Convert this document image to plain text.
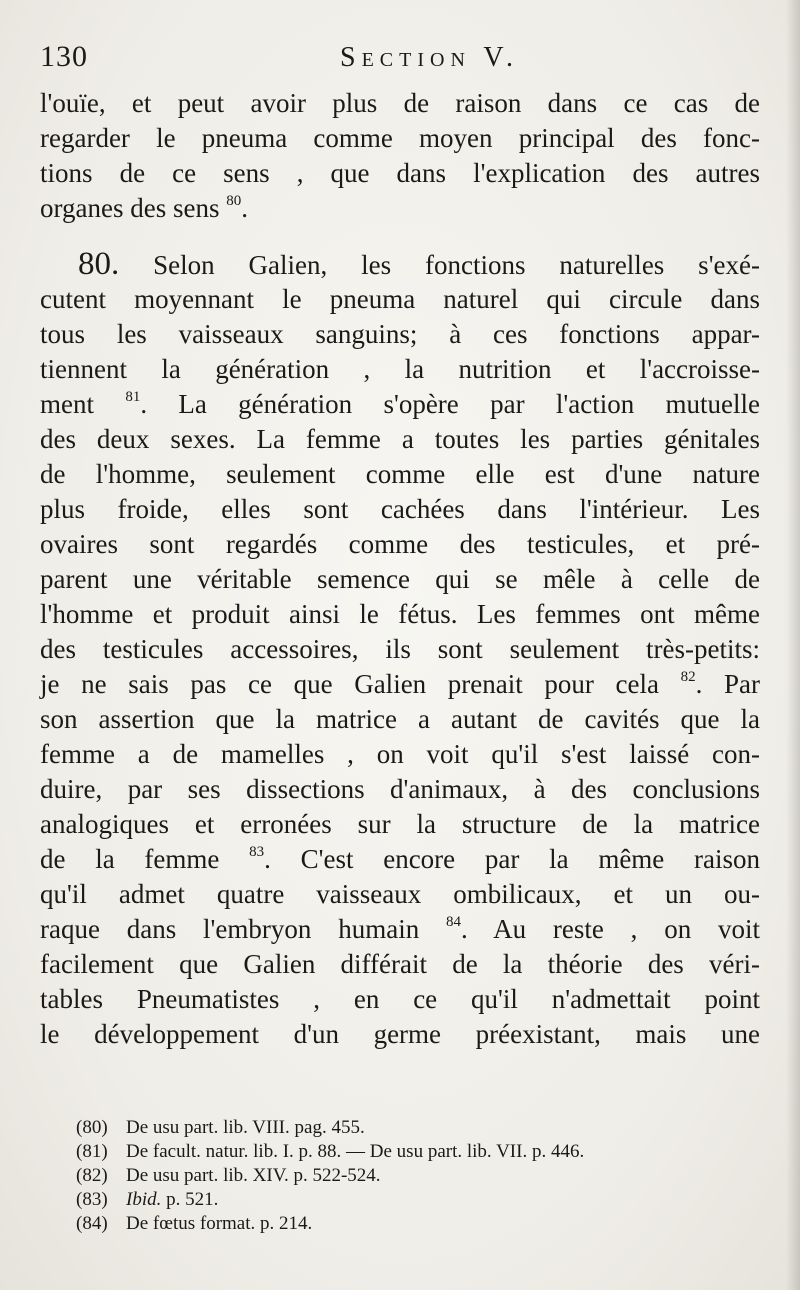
130	Section V.
l'ouïe, et peut avoir plus de raison dans ce cas de
regarder le pneuma comme moyen principal des fonc-
tions de ce sens , que dans l'explication des autres
organes des sens $^{80}$.
80. Selon Galien, les fonctions naturelles s'exé-
cutent moyennant le pneuma naturel qui circule dans
tous les vaisseaux sanguins; à ces fonctions appar-
tiennent la génération , la nutrition et l'accroisse-
ment $^{81}$. La génération s'opère par l'action mutuelle
des deux sexes. La femme a toutes les parties génitales
de l'homme, seulement comme elle est d'une nature
plus froide, elles sont cachées dans l'intérieur. Les
ovaires sont regardés comme des testicules, et pré-
parent une véritable semence qui se mêle à celle de
l'homme et produit ainsi le fétus. Les femmes ont même
des testicules accessoires, ils sont seulement très-petits:
je ne sais pas ce que Galien prenait pour cela $^{82}$. Par
son assertion que la matrice a autant de cavités que la
femme a de mamelles , on voit qu'il s'est laissé con-
duire, par ses dissections d'animaux, à des conclusions
analogiques et erronées sur la structure de la matrice
de la femme $^{83}$. C'est encore par la même raison
qu'il admet quatre vaisseaux ombilicaux, et un ou-
raque dans l'embryon humain $^{84}$. Au reste , on voit
facilement que Galien différait de la théorie des véri-
tables Pneumatistes , en ce qu'il n'admettait point
le développement d'un germe préexistant, mais une
(80) De usu part. lib. VIII. pag. 455.
(81) De facult. natur. lib. I. p. 88. — De usu part. lib. VII. p. 446.
(82) De usu part. lib. XIV. p. 522-524.
(83) Ibid. p. 521.
(84) De fœtus format. p. 214.
